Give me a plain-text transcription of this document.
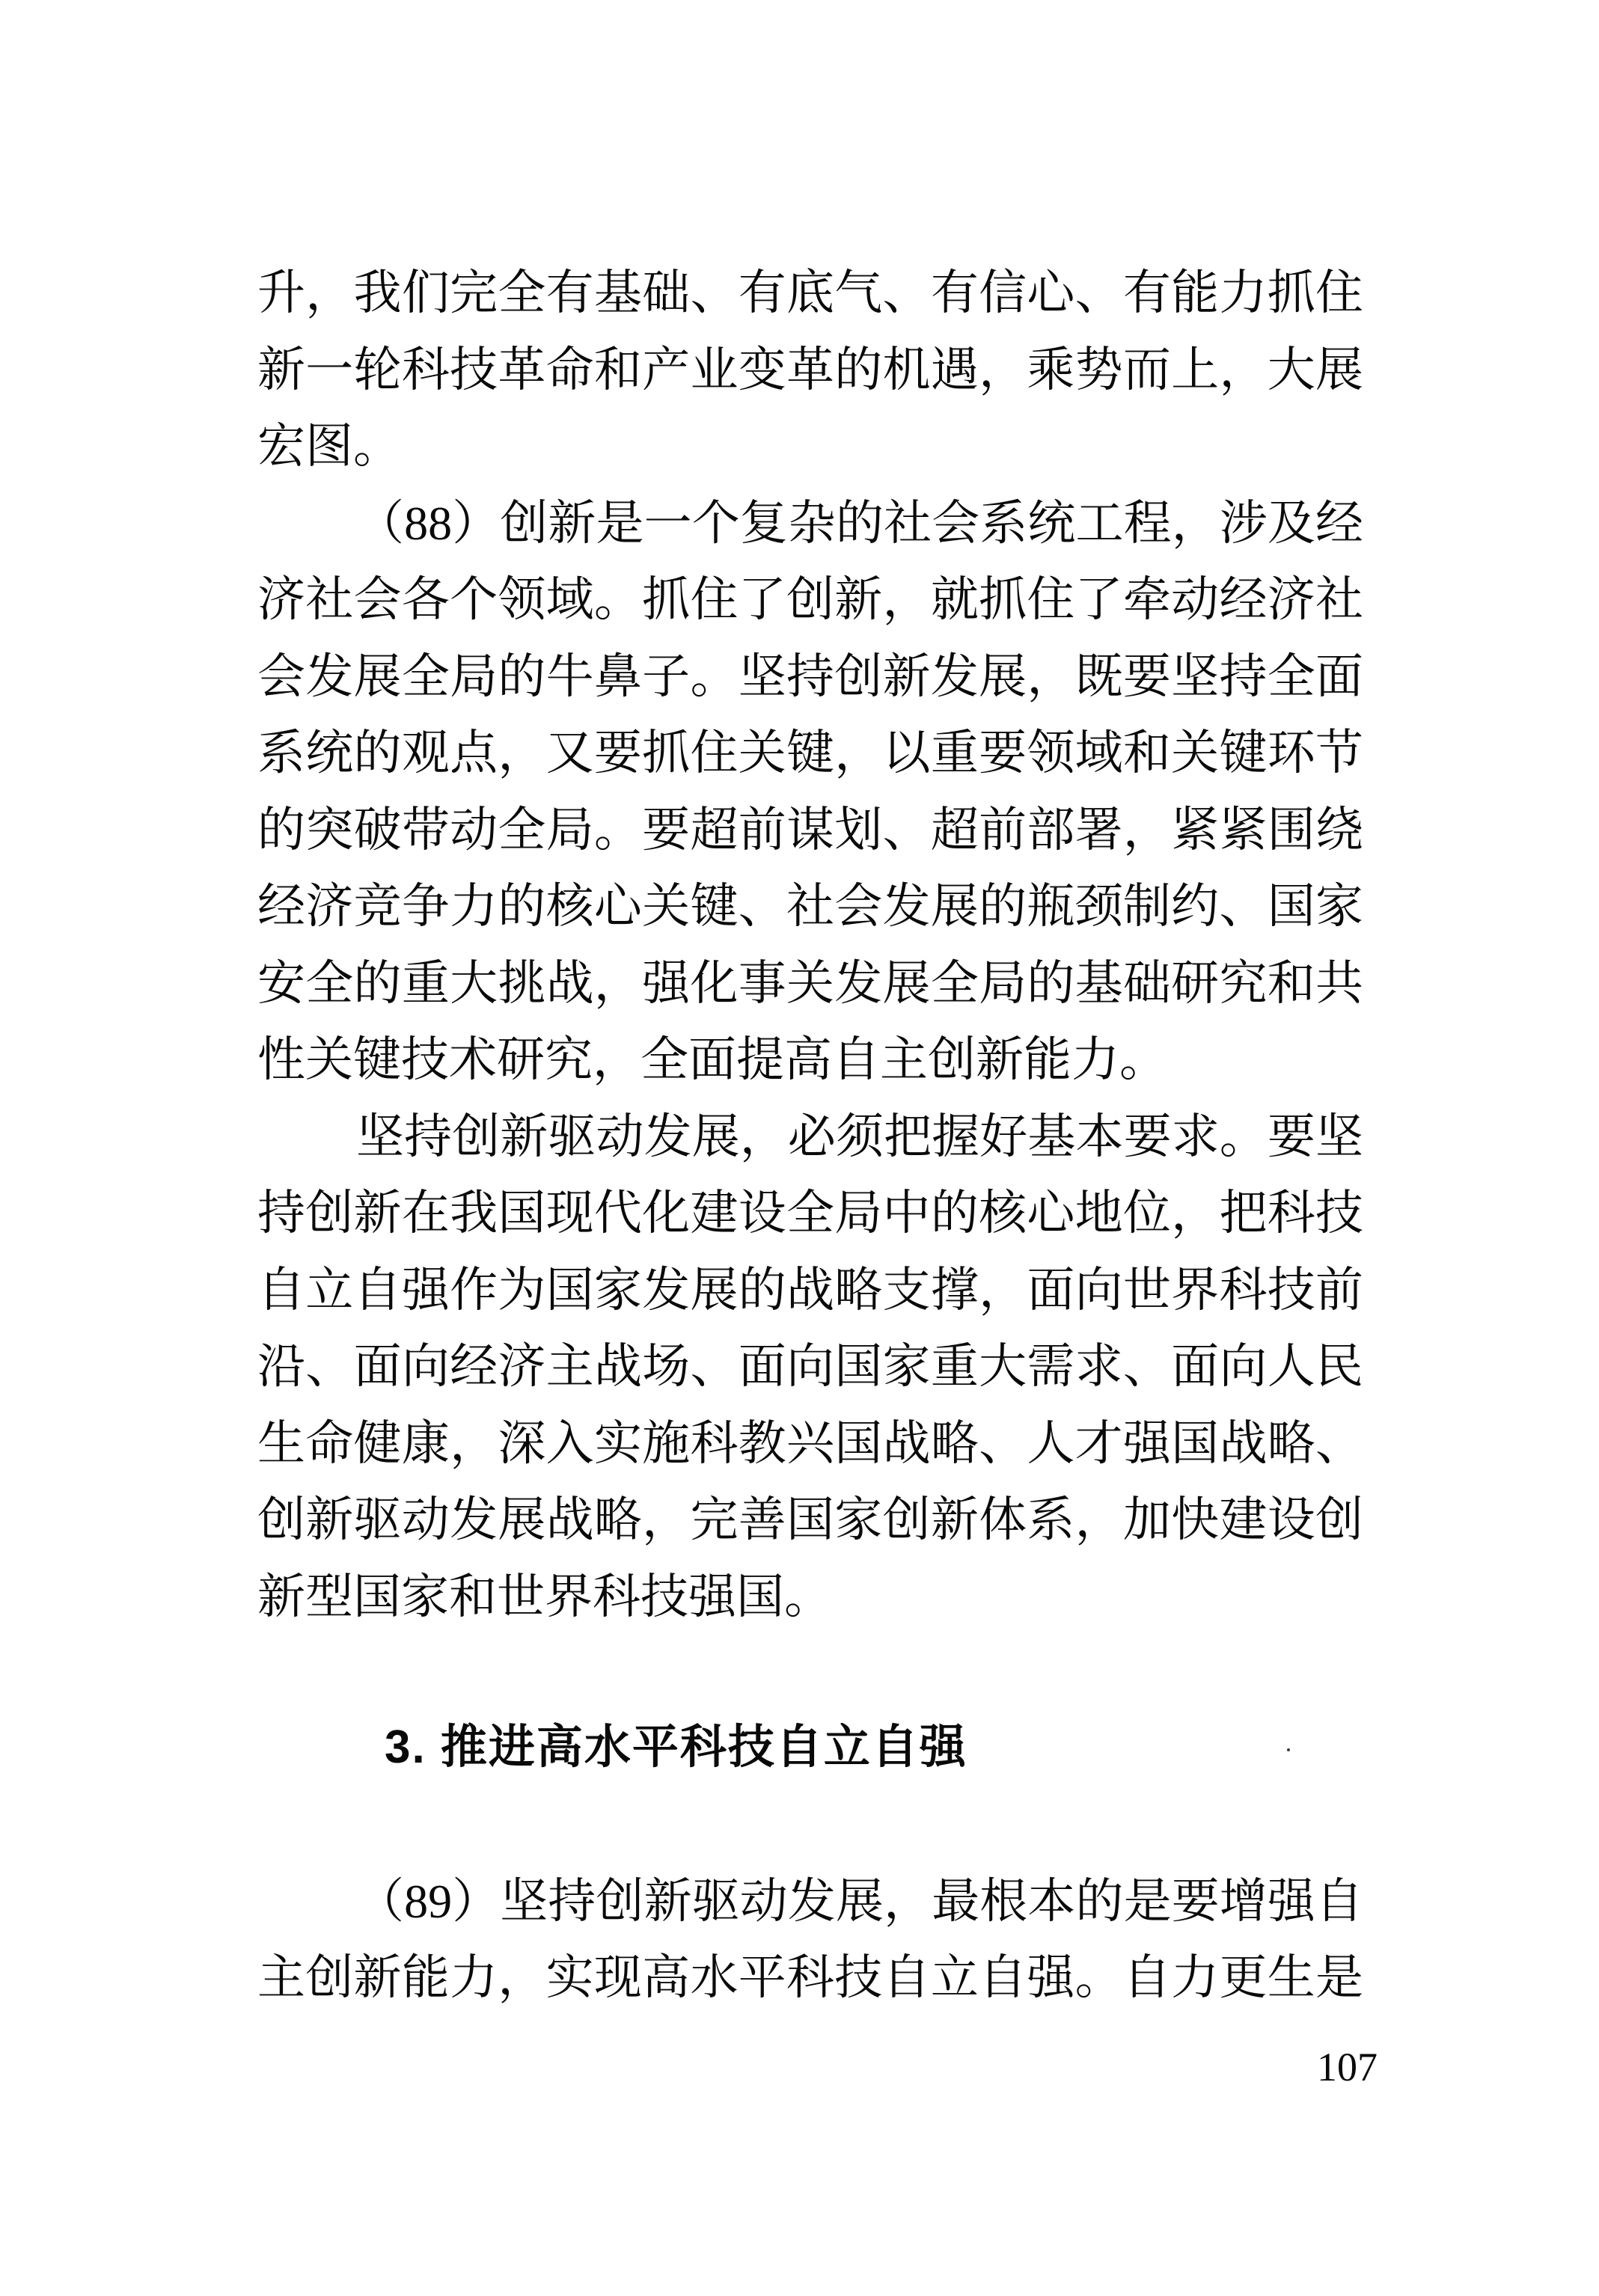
升，我们完全有基础、有底气、有信心、有能力抓住
新一轮科技革命和产业变革的机遇，乘势而上，大展
宏图。
（88）创新是一个复杂的社会系统工程，涉及经
济社会各个领域。抓住了创新，就抓住了牵动经济社
会发展全局的牛鼻子。坚持创新发展，既要坚持全面
系统的观点，又要抓住关键，以重要领域和关键环节
的突破带动全局。要超前谋划、超前部署，紧紧围绕
经济竞争力的核心关键、社会发展的瓶颈制约、国家
安全的重大挑战，强化事关发展全局的基础研究和共
性关键技术研究，全面提高自主创新能力。
坚持创新驱动发展，必须把握好基本要求。要坚
持创新在我国现代化建设全局中的核心地位，把科技
自立自强作为国家发展的战略支撑，面向世界科技前
沿、面向经济主战场、面向国家重大需求、面向人民
生命健康，深入实施科教兴国战略、人才强国战略、
创新驱动发展战略，完善国家创新体系，加快建设创
新型国家和世界科技强国。
3. 推进高水平科技自立自强
（89）坚持创新驱动发展，最根本的是要增强自
主创新能力，实现高水平科技自立自强。自力更生是
107
